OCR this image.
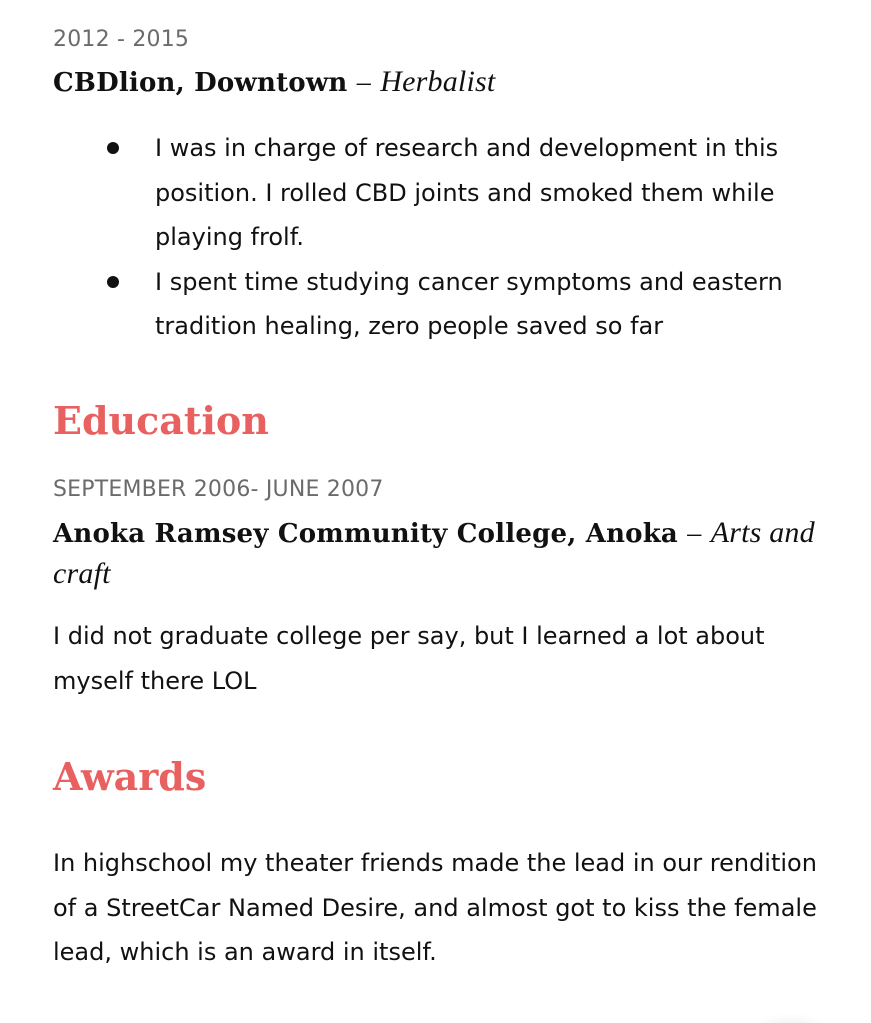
2012 - 2015
CBDlion, Downtown – Herbalist
I was in charge of research and development in this position. I rolled CBD joints and smoked them while playing frolf.
I spent time studying cancer symptoms and eastern tradition healing, zero people saved so far
Education
SEPTEMBER 2006- JUNE 2007
Anoka Ramsey Community College, Anoka – Arts and craft
I did not graduate college per say, but I learned a lot about myself there LOL
Awards
In highschool my theater friends made the lead in our rendition of a StreetCar Named Desire, and almost got to kiss the female lead, which is an award in itself.
